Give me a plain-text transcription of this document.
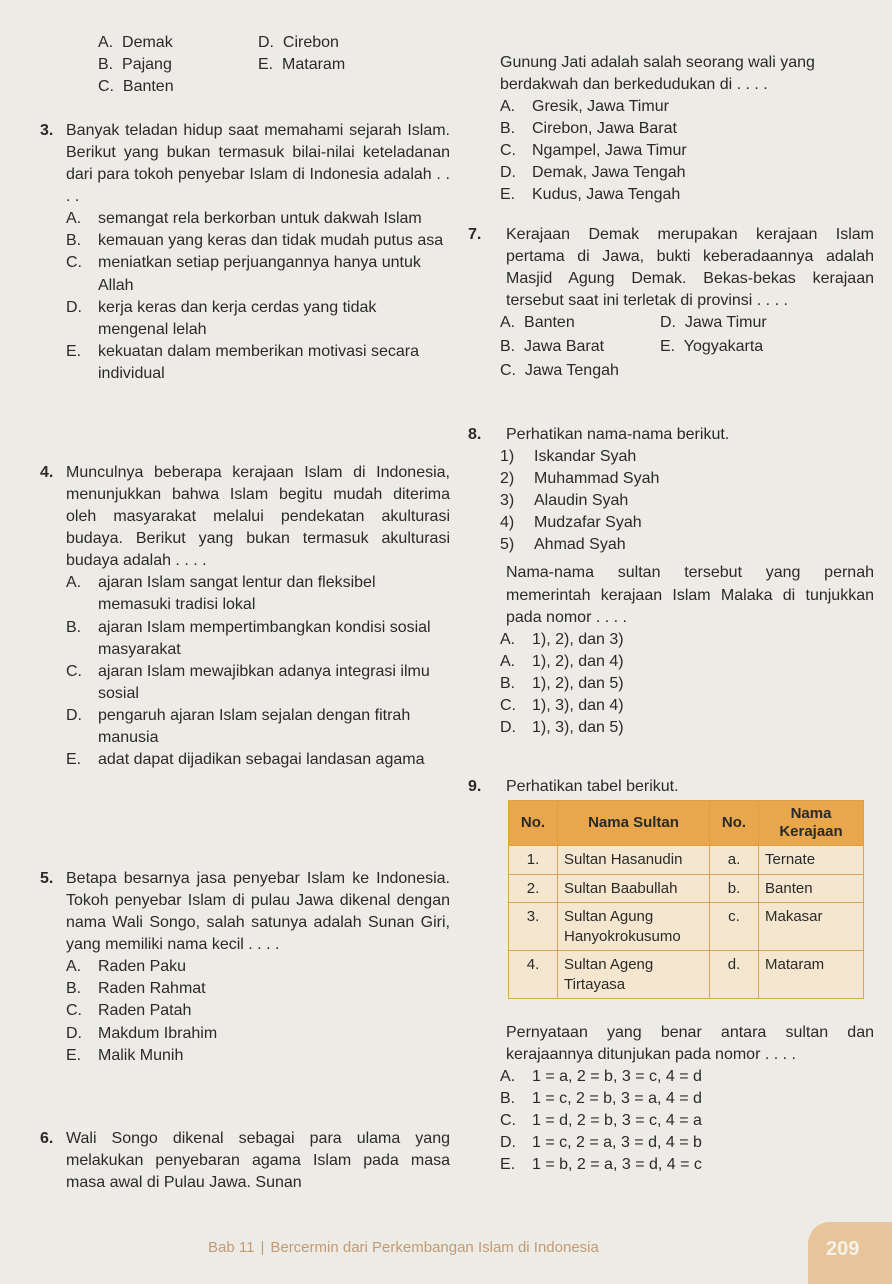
A. Demak	D. Cirebon
B. Pajang	E. Mataram
C. Banten
3. Banyak teladan hidup saat memahami sejarah Islam. Berikut yang bukan termasuk bilai-nilai keteladanan dari para tokoh penyebar Islam di Indonesia adalah . . . .
A. semangat rela berkorban untuk dakwah Islam
B. kemauan yang keras dan tidak mudah putus asa
C. meniatkan setiap perjuangannya hanya untuk Allah
D. kerja keras dan kerja cerdas yang tidak mengenal lelah
E. kekuatan dalam memberikan motivasi secara individual
4. Munculnya beberapa kerajaan Islam di Indonesia, menunjukkan bahwa Islam begitu mudah diterima oleh masyarakat melalui pendekatan akulturasi budaya. Berikut yang bukan termasuk akulturasi budaya adalah . . . .
A. ajaran Islam sangat lentur dan fleksibel memasuki tradisi lokal
B. ajaran Islam mempertimbangkan kondisi sosial masyarakat
C. ajaran Islam mewajibkan adanya integrasi ilmu sosial
D. pengaruh ajaran Islam sejalan dengan fitrah manusia
E. adat dapat dijadikan sebagai landasan agama
5. Betapa besarnya jasa penyebar Islam ke Indonesia. Tokoh penyebar Islam di pulau Jawa dikenal dengan nama Wali Songo, salah satunya adalah Sunan Giri, yang memiliki nama kecil . . . .
A. Raden Paku
B. Raden Rahmat
C. Raden Patah
D. Makdum Ibrahim
E. Malik Munih
6. Wali Songo dikenal sebagai para ulama yang melakukan penyebaran agama Islam pada masa masa awal di Pulau Jawa. Sunan
Gunung Jati adalah salah seorang wali yang berdakwah dan berkedudukan di . . . .
A. Gresik, Jawa Timur
B. Cirebon, Jawa Barat
C. Ngampel, Jawa Timur
D. Demak, Jawa Tengah
E. Kudus, Jawa Tengah
7. Kerajaan Demak merupakan kerajaan Islam pertama di Jawa, bukti keberadaannya adalah Masjid Agung Demak. Bekas-bekas kerajaan tersebut saat ini terletak di provinsi . . . .
A. Banten	D. Jawa Timur
B. Jawa Barat	E. Yogyakarta
C. Jawa Tengah
8. Perhatikan nama-nama berikut.
1) Iskandar Syah
2) Muhammad Syah
3) Alaudin Syah
4) Mudzafar Syah
5) Ahmad Syah
Nama-nama sultan tersebut yang pernah memerintah kerajaan Islam Malaka di tunjukkan pada nomor . . . .
A. 1), 2), dan 3)
A. 1), 2), dan 4)
B. 1), 2), dan 5)
C. 1), 3), dan 4)
D. 1), 3), dan 5)
9. Perhatikan tabel berikut.
Pernyataan yang benar antara sultan dan kerajaannya ditunjukan pada nomor . . . .
A. 1 = a, 2 = b, 3 = c, 4 = d
B. 1 = c, 2 = b, 3 = a, 4 = d
C. 1 = d, 2 = b, 3 = c, 4 = a
D. 1 = c, 2 = a, 3 = d, 4 = b
E. 1 = b, 2 = a, 3 = d, 4 = c
No.	Nama Sultan	No.	Nama Kerajaan
1.	Sultan Hasanudin	a.	Ternate
2.	Sultan Baabullah	b.	Banten
3.	Sultan Agung Hanyokrokusumo	c.	Makasar
4.	Sultan Ageng Tirtayasa	d.	Mataram
Bab 11 | Bercermin dari Perkembangan Islam di Indonesia	209
